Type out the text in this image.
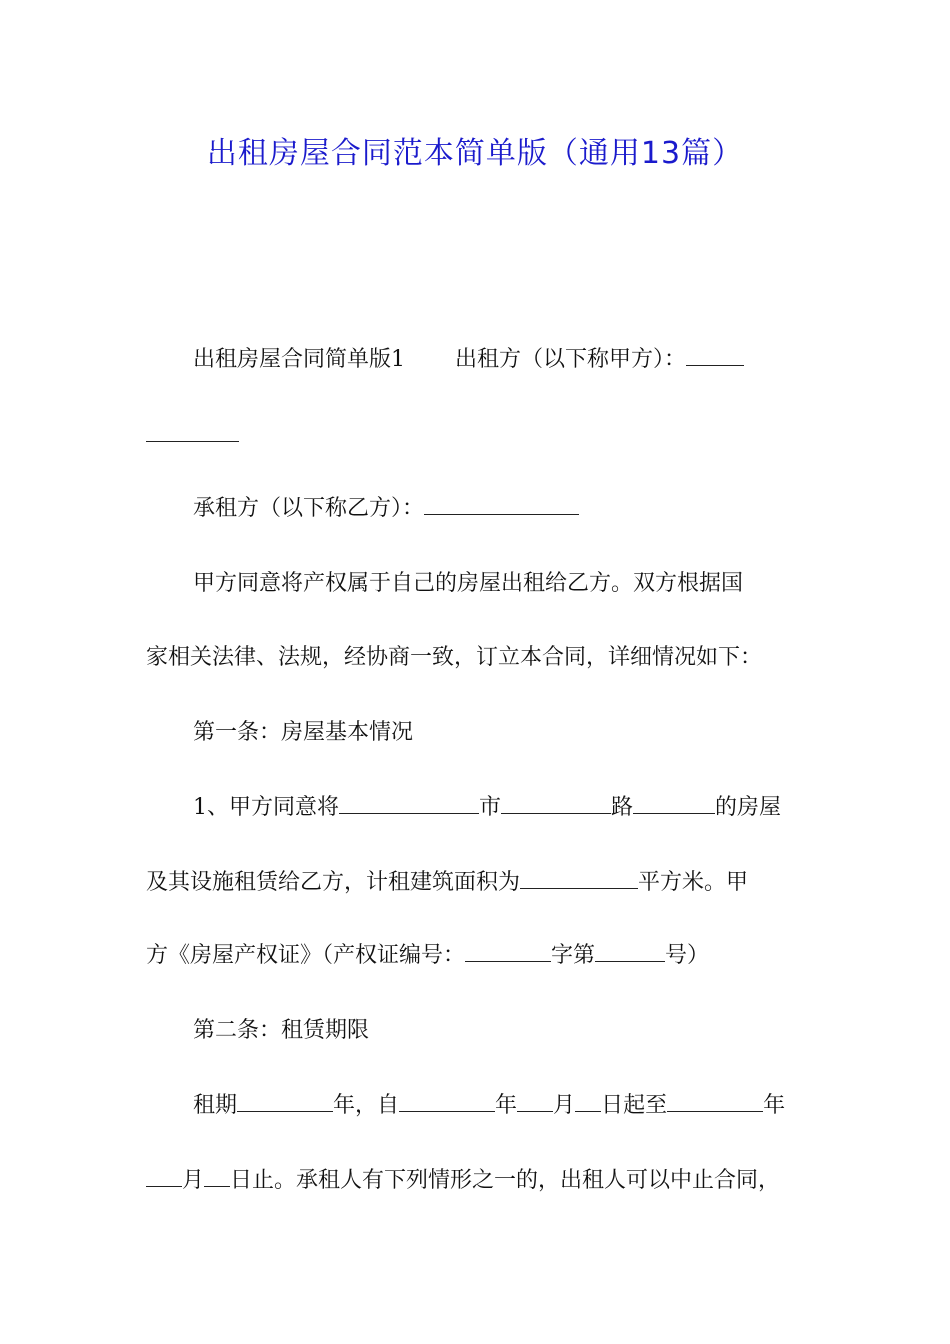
出租房屋合同范本简单版（通用13篇）
出租房屋合同简单版1 出租方（以下称甲方）：
承租方（以下称乙方）：
甲方同意将产权属于自己的房屋出租给乙方。双方根据国
家相关法律、法规，经协商一致，订立本合同，详细情况如下：
第一条：房屋基本情况
1、甲方同意将	市	路	的房屋
及其设施租赁给乙方，计租建筑面积为	平方米。甲
方《房屋产权证》（产权证编号：	字第	号）
第二条：租赁期限
租期	年，自	年 月 日起至	年
月 日止。承租人有下列情形之一的，出租人可以中止合同，
